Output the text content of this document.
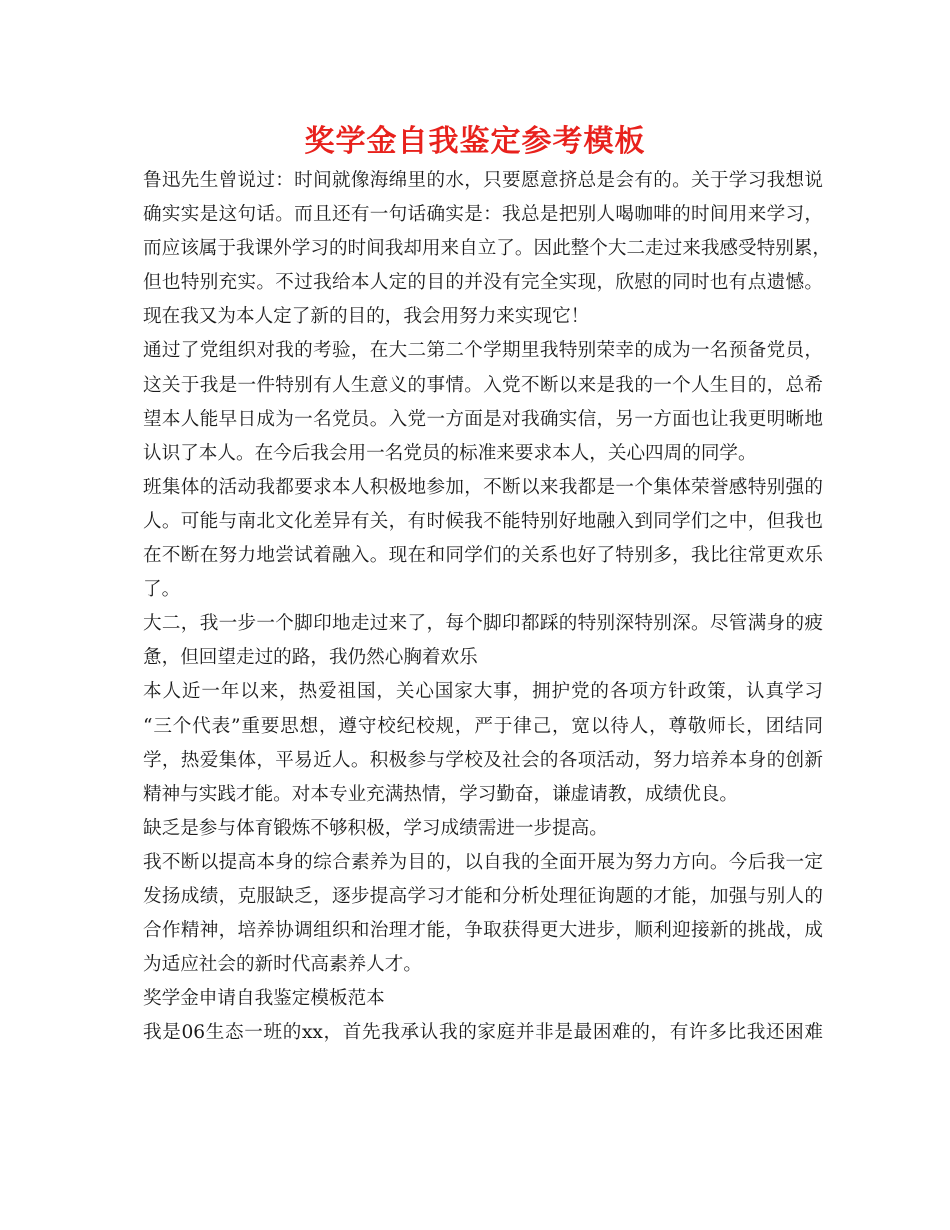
奖学金自我鉴定参考模板
鲁迅先生曾说过：时间就像海绵里的水，只要愿意挤总是会有的。关于学习我想说
确实实是这句话。而且还有一句话确实是：我总是把别人喝咖啡的时间用来学习，
而应该属于我课外学习的时间我却用来自立了。因此整个大二走过来我感受特别累，
但也特别充实。不过我给本人定的目的并没有完全实现，欣慰的同时也有点遗憾。
现在我又为本人定了新的目的，我会用努力来实现它！
通过了党组织对我的考验，在大二第二个学期里我特别荣幸的成为一名预备党员，
这关于我是一件特别有人生意义的事情。入党不断以来是我的一个人生目的，总希
望本人能早日成为一名党员。入党一方面是对我确实信，另一方面也让我更明晰地
认识了本人。在今后我会用一名党员的标准来要求本人，关心四周的同学。
班集体的活动我都要求本人积极地参加，不断以来我都是一个集体荣誉感特别强的
人。可能与南北文化差异有关，有时候我不能特别好地融入到同学们之中，但我也
在不断在努力地尝试着融入。现在和同学们的关系也好了特别多，我比往常更欢乐
了。
大二，我一步一个脚印地走过来了，每个脚印都踩的特别深特别深。尽管满身的疲
惫，但回望走过的路，我仍然心胸着欢乐
本人近一年以来，热爱祖国，关心国家大事，拥护党的各项方针政策，认真学习
“三个代表”重要思想，遵守校纪校规，严于律己，宽以待人，尊敬师长，团结同
学，热爱集体，平易近人。积极参与学校及社会的各项活动，努力培养本身的创新
精神与实践才能。对本专业充满热情，学习勤奋，谦虚请教，成绩优良。
缺乏是参与体育锻炼不够积极，学习成绩需进一步提高。
我不断以提高本身的综合素养为目的，以自我的全面开展为努力方向。今后我一定
发扬成绩，克服缺乏，逐步提高学习才能和分析处理征询题的才能，加强与别人的
合作精神，培养协调组织和治理才能，争取获得更大进步，顺利迎接新的挑战，成
为适应社会的新时代高素养人才。
奖学金申请自我鉴定模板范本
我是06生态一班的xx，首先我承认我的家庭并非是最困难的，有许多比我还困难
